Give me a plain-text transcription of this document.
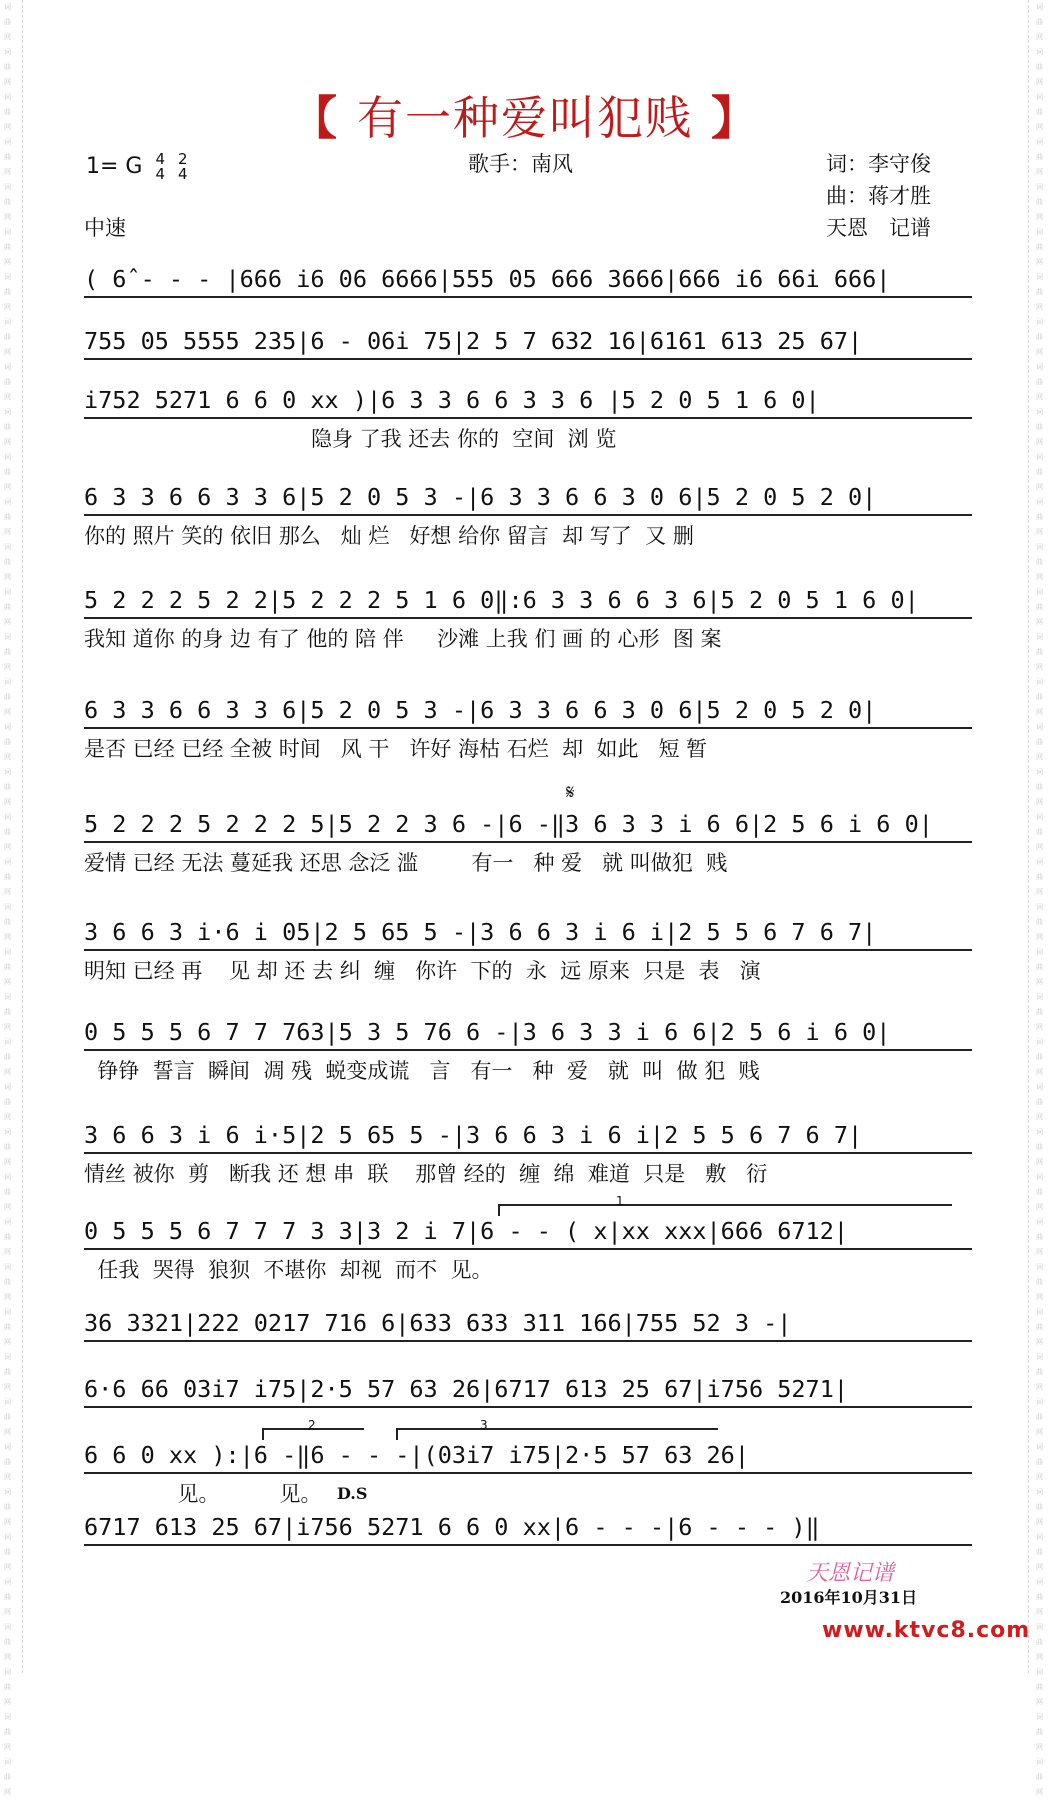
词曲网词曲网词曲网词曲网词曲网词曲网词曲网词曲网词曲网词曲网词曲网词曲网词曲网词曲网词曲网词曲网词曲网词曲网词曲网词曲网词曲网词曲网词曲网词曲网词曲网词曲网词曲网词曲网词曲网词曲网词曲网词曲网词曲网词曲网词曲网词曲网词曲网词曲网词曲网词曲网
词曲网词曲网词曲网词曲网词曲网词曲网词曲网词曲网词曲网词曲网词曲网词曲网词曲网词曲网词曲网词曲网词曲网词曲网词曲网词曲网词曲网词曲网词曲网词曲网词曲网词曲网词曲网词曲网词曲网词曲网词曲网词曲网词曲网词曲网词曲网词曲网词曲网词曲网词曲网词曲网
【 有一种爱叫犯贱 】
1= G 4
4 2
4
中速
歌手：南风	词：李守俊
曲：蒋才胜
天恩　记谱
( 6̂ - - - |666 i6 06 6666|555 05 666 3666|666 i6 66i 666|
755 05 5555 235|6 - 06i 75|2 5 7 632 16|6161 613 25 67|
i752 5271 6 6 0 xx )|6 3 3 6 6 3 3 6 |5 2 0 5 1 6 0|
隐身 了我 还去 你的  空间  浏 览
6 3 3 6 6 3 3 6|5 2 0 5 3 -|6 3 3 6 6 3 0 6|5 2 0 5 2 0|
你的 照片 笑的 依旧 那么   灿 烂   好想 给你 留言  却 写了  又 删
5 2 2 2 5 2 2|5 2 2 2 5 1 6 0‖:6 3 3 6 6 3 6|5 2 0 5 1 6 0|
我知 道你 的身 边 有了 他的 陪 伴     沙滩 上我 们 画 的 心形  图 案
6 3 3 6 6 3 3 6|5 2 0 5 3 -|6 3 3 6 6 3 0 6|5 2 0 5 2 0|
是否 已经 已经 全被 时间   风 干   许好 海枯 石烂  却  如此   短 暂
5 2 2 2 5 2 2 2 5|5 2 2 3 6 -|6 -‖3 6 3 3 i 6 6|2 5 6 i 6 0|
爱情 已经 无法 蔓延我 还思 念泛 滥        有一   种 爱   就 叫做犯  贱
3 6 6 3 i·6 i 05|2 5 65 5 -|3 6 6 3 i 6 i|2 5 5 6 7 6 7|
明知 已经 再    见 却 还 去 纠  缠   你许  下的  永  远 原来  只是  表   演
0 5 5 5 6 7 7 763|5 3 5 76 6 -|3 6 3 3 i 6 6|2 5 6 i 6 0|
铮铮  誓言  瞬间  凋 残  蜕变成谎   言   有一   种  爱   就  叫  做 犯  贱
3 6 6 3 i 6 i·5|2 5 65 5 -|3 6 6 3 i 6 i|2 5 5 6 7 6 7|
情丝 被你  剪   断我 还 想 串  联    那曾 经的  缠  绵  难道  只是   敷   衍
0 5 5 5 6 7 7 7 3 3|3 2 i 7|6 - - ( x|xx xxx|666 6712|
任我  哭得  狼狈  不堪你  却视  而不  见。
36 3321|222 0217 716 6|633 633 311 166|755 52 3 -|
6·6 66 03i7 i75|2·5 57 63 26|6717 613 25 67|i756 5271|
6 6 0 xx ):|6 -‖6 - - -|(03i7 i75|2·5 57 63 26|
见。         见。
6717 613 25 67|i756 5271 6 6 0 xx|6 - - -|6 - - - )‖
𝄋
D.S
1
2	3
天恩记谱
2016年10月31日
www.ktvc8.com
